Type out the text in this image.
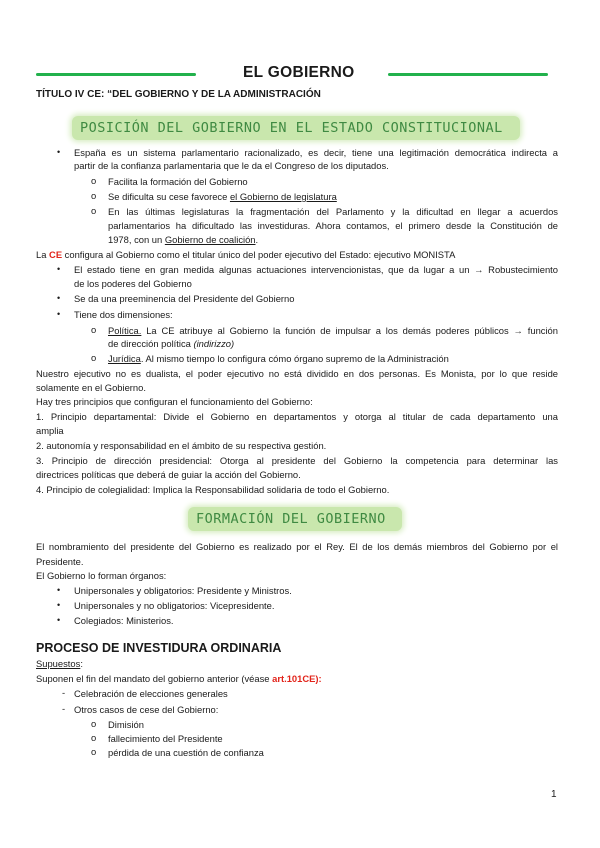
EL GOBIERNO
TÍTULO IV CE: “DEL GOBIERNO Y DE LA ADMINISTRACIÓN
POSICIÓN DEL GOBIERNO EN EL ESTADO CONSTITUCIONAL
• España es un sistema parlamentario racionalizado, es decir, tiene una legitimación democrática indirecta a
partir de la confianza parlamentaria que le da el Congreso de los diputados.
o Facilita la formación del Gobierno
o Se dificulta su cese favorece el Gobierno de legislatura
o En las últimas legislaturas la fragmentación del Parlamento y la dificultad en llegar a acuerdos
parlamentarios ha dificultado las investiduras. Ahora contamos, el primero desde la Constitución de
1978, con un Gobierno de coalición.
La CE configura al Gobierno como el titular único del poder ejecutivo del Estado: ejecutivo MONISTA
• El estado tiene en gran medida algunas actuaciones intervencionistas, que da lugar a un → Robustecimiento
de los poderes del Gobierno
• Se da una preeminencia del Presidente del Gobierno
• Tiene dos dimensiones:
o Política. La CE atribuye al Gobierno la función de impulsar a los demás poderes públicos → función
de dirección política (indirizzo)
o Jurídica. Al mismo tiempo lo configura cómo órgano supremo de la Administración
Nuestro ejecutivo no es dualista, el poder ejecutivo no está dividido en dos personas. Es Monista, por lo que reside
solamente en el Gobierno.
Hay tres principios que configuran el funcionamiento del Gobierno:
1. Principio departamental: Divide el Gobierno en departamentos y otorga al titular de cada departamento una
amplia
2. autonomía y responsabilidad en el ámbito de su respectiva gestión.
3. Principio de dirección presidencial: Otorga al presidente del Gobierno la competencia para determinar las
directrices políticas que deberá de guiar la acción del Gobierno.
4. Principio de colegialidad: Implica la Responsabilidad solidaria de todo el Gobierno.
FORMACIÓN DEL GOBIERNO
El nombramiento del presidente del Gobierno es realizado por el Rey. El de los demás miembros del Gobierno por el
Presidente.
El Gobierno lo forman órganos:
• Unipersonales y obligatorios: Presidente y Ministros.
• Unipersonales y no obligatorios: Vicepresidente.
• Colegiados: Ministerios.
PROCESO DE INVESTIDURA ORDINARIA
Supuestos:
Suponen el fin del mandato del gobierno anterior (véase art.101CE):
- Celebración de elecciones generales
- Otros casos de cese del Gobierno:
o Dimisión
o fallecimiento del Presidente
o pérdida de una cuestión de confianza
1
